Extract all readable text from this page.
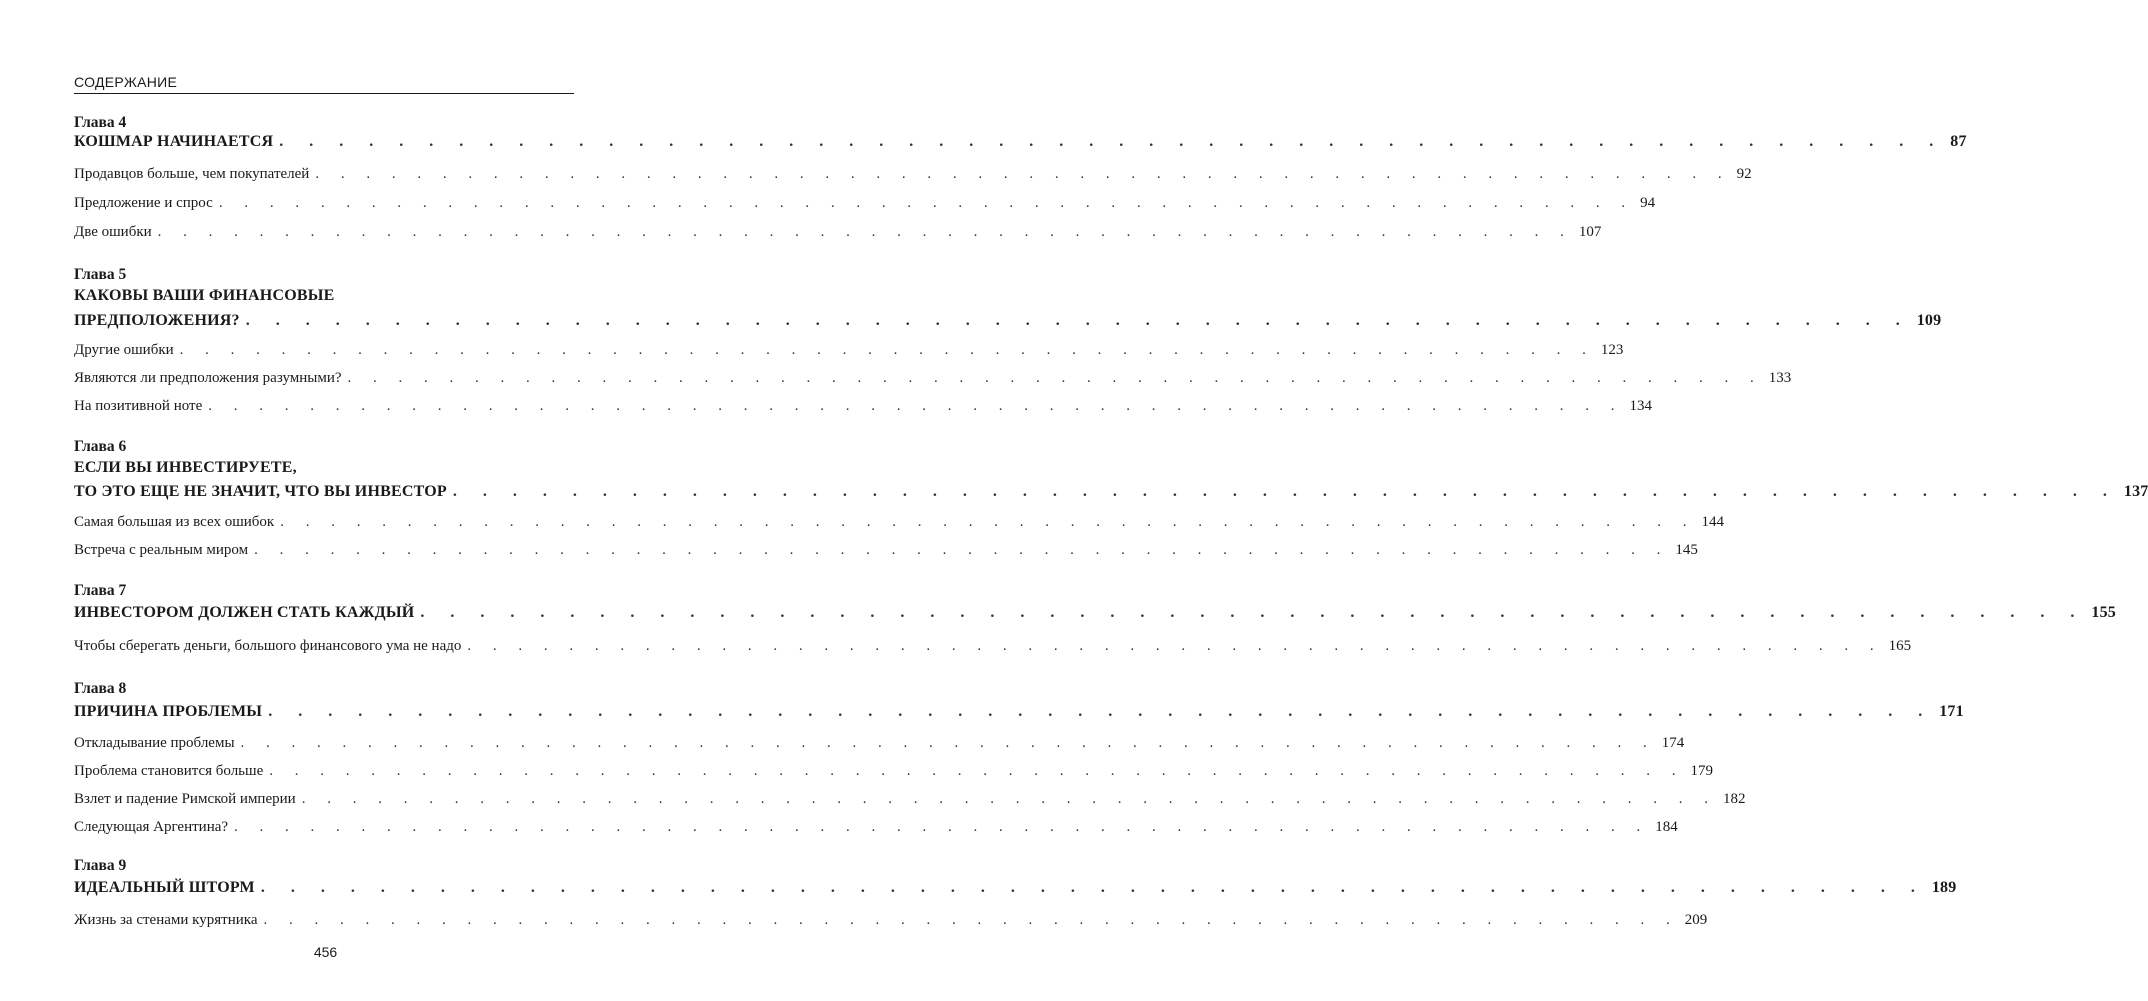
СОДЕРЖАНИЕ
Глава 4
КОШМАР НАЧИНАЕТСЯ . . . . . . . . . . . . . . . . . . . . . . . . . . . . . . . . . . . . . . . . . . . . . . . . . . . . . . . . 87
Продавцов больше, чем покупателей . . . . . . . . . . . . . . . . . . . . . . . . . . . . . . . . . . . . . . . . . . . . . . . . . . . . . . . . 92
Предложение и спрос . . . . . . . . . . . . . . . . . . . . . . . . . . . . . . . . . . . . . . . . . . . . . . . . . . . . . . . . 94
Две ошибки . . . . . . . . . . . . . . . . . . . . . . . . . . . . . . . . . . . . . . . . . . . . . . . . . . . . . . . . 107
Глава 5
КАКОВЫ ВАШИ ФИНАНСОВЫЕ
ПРЕДПОЛОЖЕНИЯ? . . . . . . . . . . . . . . . . . . . . . . . . . . . . . . . . . . . . . . . . . . . . . . . . . . . . . . . . 109
Другие ошибки . . . . . . . . . . . . . . . . . . . . . . . . . . . . . . . . . . . . . . . . . . . . . . . . . . . . . . . . 123
Являются ли предположения разумными? . . . . . . . . . . . . . . . . . . . . . . . . . . . . . . . . . . . . . . . . . . . . . . . . . . . . . . . . 133
На позитивной ноте . . . . . . . . . . . . . . . . . . . . . . . . . . . . . . . . . . . . . . . . . . . . . . . . . . . . . . . . 134
Глава 6
ЕСЛИ ВЫ ИНВЕСТИРУЕТЕ,
ТО ЭТО ЕЩЕ НЕ ЗНАЧИТ, ЧТО ВЫ ИНВЕСТОР . . . . . . . . . . . . . . . . . . . . . . . . . . . . . . . . . . . . . . . . . . . . . . . . . . . . . . . . 137
Самая большая из всех ошибок . . . . . . . . . . . . . . . . . . . . . . . . . . . . . . . . . . . . . . . . . . . . . . . . . . . . . . . . 144
Встреча с реальным миром . . . . . . . . . . . . . . . . . . . . . . . . . . . . . . . . . . . . . . . . . . . . . . . . . . . . . . . . 145
Глава 7
ИНВЕСТОРОМ ДОЛЖЕН СТАТЬ КАЖДЫЙ . . . . . . . . . . . . . . . . . . . . . . . . . . . . . . . . . . . . . . . . . . . . . . . . . . . . . . . . 155
Чтобы сберегать деньги, большого финансового ума не надо . . . . . . . . . . . . . . . . . . . . . . . . . . . . . . . . . . . . . . . . . . . . . . . . . . . . . . . . 165
Глава 8
ПРИЧИНА ПРОБЛЕМЫ . . . . . . . . . . . . . . . . . . . . . . . . . . . . . . . . . . . . . . . . . . . . . . . . . . . . . . . . 171
Откладывание проблемы . . . . . . . . . . . . . . . . . . . . . . . . . . . . . . . . . . . . . . . . . . . . . . . . . . . . . . . . 174
Проблема становится больше . . . . . . . . . . . . . . . . . . . . . . . . . . . . . . . . . . . . . . . . . . . . . . . . . . . . . . . . 179
Взлет и падение Римской империи . . . . . . . . . . . . . . . . . . . . . . . . . . . . . . . . . . . . . . . . . . . . . . . . . . . . . . . . 182
Следующая Аргентина? . . . . . . . . . . . . . . . . . . . . . . . . . . . . . . . . . . . . . . . . . . . . . . . . . . . . . . . . 184
Глава 9
ИДЕАЛЬНЫЙ ШТОРМ . . . . . . . . . . . . . . . . . . . . . . . . . . . . . . . . . . . . . . . . . . . . . . . . . . . . . . . . 189
Жизнь за стенами курятника . . . . . . . . . . . . . . . . . . . . . . . . . . . . . . . . . . . . . . . . . . . . . . . . . . . . . . . . 209
456
